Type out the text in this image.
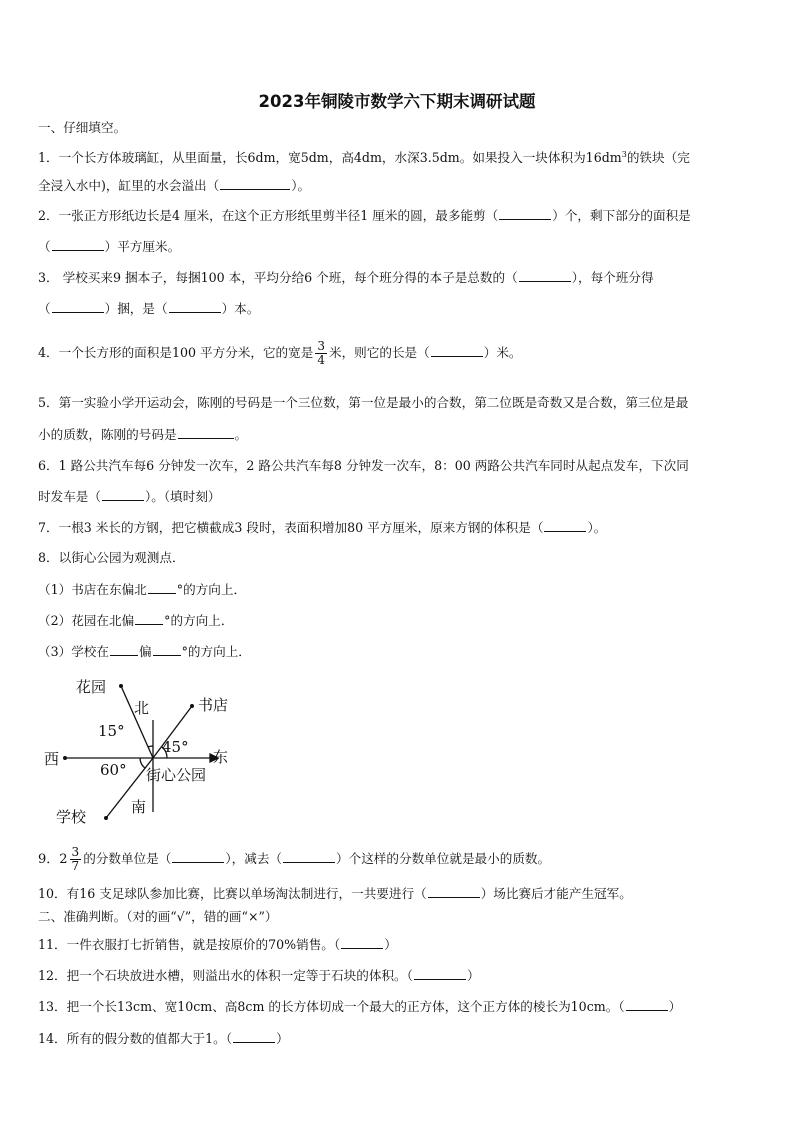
2023年铜陵市数学六下期末调研试题
一、仔细填空。
1．一个长方体玻璃缸，从里面量，长6dm，宽5dm，高4dm，水深3.5dm。如果投入一块体积为$16dm^3$的铁块（完
全浸入水中)，缸里的水会溢出（	）。
2．一张正方形纸边长是4 厘米，在这个正方形纸里剪半径1 厘米的圆，最多能剪（	）个，剩下部分的面积是
（	）平方厘米。
3． 学校买来9 捆本子，每捆100 本，平均分给6 个班，每个班分得的本子是总数的（	），每个班分得
（	）捆，是（	）本。
4．一个长方形的面积是100 平方分米，它的宽是 $\frac{3}{4}$ 米，则它的长是（	）米。
5．第一实验小学开运动会，陈刚的号码是一个三位数，第一位是最小的合数，第二位既是奇数又是合数，第三位是最
小的质数，陈刚的号码是	。
6．1 路公共汽车每6 分钟发一次车，2 路公共汽车每8 分钟发一次车，8：00 两路公共汽车同时从起点发车，下次同
时发车是（	）。（填时刻）
7．一根3 米长的方钢，把它横截成3 段时，表面积增加80 平方厘米，原来方钢的体积是（	）。
8．以街心公园为观测点．
（1）书店在东偏北 °的方向上．
（2）花园在北偏 °的方向上．
（3）学校在 偏 °的方向上．
花园
北	书店
15°
45°
西	东
60° 街心公园
南
学校
9．$2 \frac{3}{7}$ 的分数单位是（	），减去（	）个这样的分数单位就是最小的质数。
10．有16 支足球队参加比赛，比赛以单场淘汰制进行，一共要进行（	）场比赛后才能产生冠军。
二、准确判断。（对的画“√”，错的画“×”）
11．一件衣服打七折销售，就是按原价的70%销售。（	）
12．把一个石块放进水槽，则溢出水的体积一定等于石块的体积。（	）
13．把一个长13cm、宽10cm、高8cm 的长方体切成一个最大的正方体，这个正方体的棱长为10cm。（	）
14．所有的假分数的值都大于1。（	）
